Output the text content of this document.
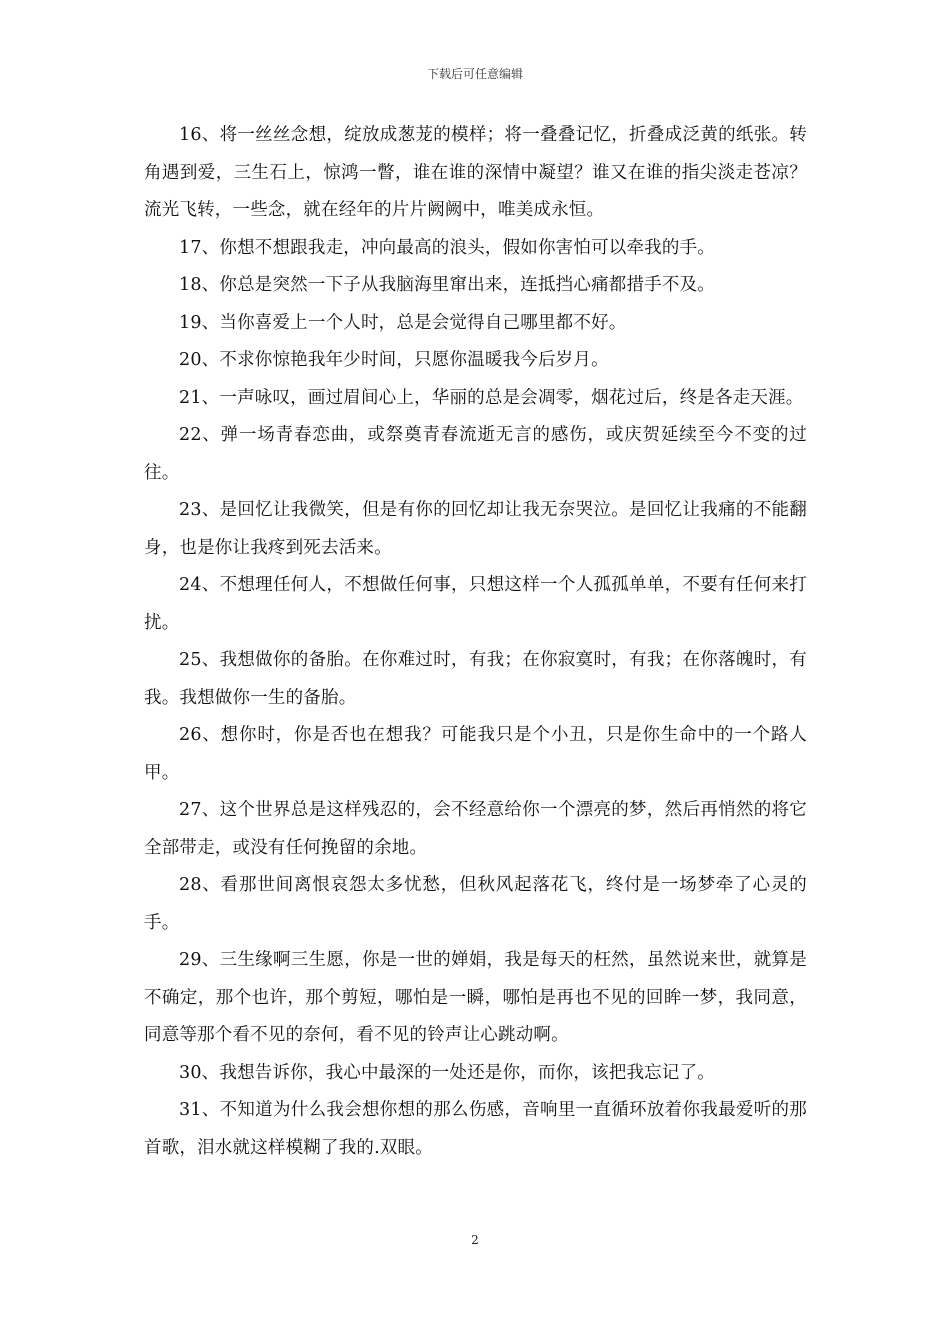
下载后可任意编辑

16、将一丝丝念想，绽放成葱茏的模样；将一叠叠记忆，折叠成泛黄的纸张。转角遇到爱，三生石上，惊鸿一瞥，谁在谁的深情中凝望？谁又在谁的指尖淡走苍凉？流光飞转，一些念，就在经年的片片阙阙中，唯美成永恒。

17、你想不想跟我走，冲向最高的浪头，假如你害怕可以牵我的手。

18、你总是突然一下子从我脑海里窜出来，连抵挡心痛都措手不及。

19、当你喜爱上一个人时，总是会觉得自己哪里都不好。

20、不求你惊艳我年少时间，只愿你温暖我今后岁月。

21、一声咏叹，画过眉间心上，华丽的总是会凋零，烟花过后，终是各走天涯。

22、弹一场青春恋曲，或祭奠青春流逝无言的感伤，或庆贺延续至今不变的过往。

23、是回忆让我微笑，但是有你的回忆却让我无奈哭泣。是回忆让我痛的不能翻身，也是你让我疼到死去活来。

24、不想理任何人，不想做任何事，只想这样一个人孤孤单单，不要有任何来打扰。

25、我想做你的备胎。在你难过时，有我；在你寂寞时，有我；在你落魄时，有我。我想做你一生的备胎。

26、想你时，你是否也在想我？可能我只是个小丑，只是你生命中的一个路人甲。

27、这个世界总是这样残忍的，会不经意给你一个漂亮的梦，然后再悄然的将它全部带走，或没有任何挽留的余地。

28、看那世间离恨哀怨太多忧愁，但秋风起落花飞，终付是一场梦牵了心灵的手。

29、三生缘啊三生愿，你是一世的婵娟，我是每天的枉然，虽然说来世，就算是不确定，那个也许，那个剪短，哪怕是一瞬，哪怕是再也不见的回眸一梦，我同意，同意等那个看不见的奈何，看不见的铃声让心跳动啊。

30、我想告诉你，我心中最深的一处还是你，而你，该把我忘记了。

31、不知道为什么我会想你想的那么伤感，音响里一直循环放着你我最爱听的那首歌，泪水就这样模糊了我的.双眼。

2
